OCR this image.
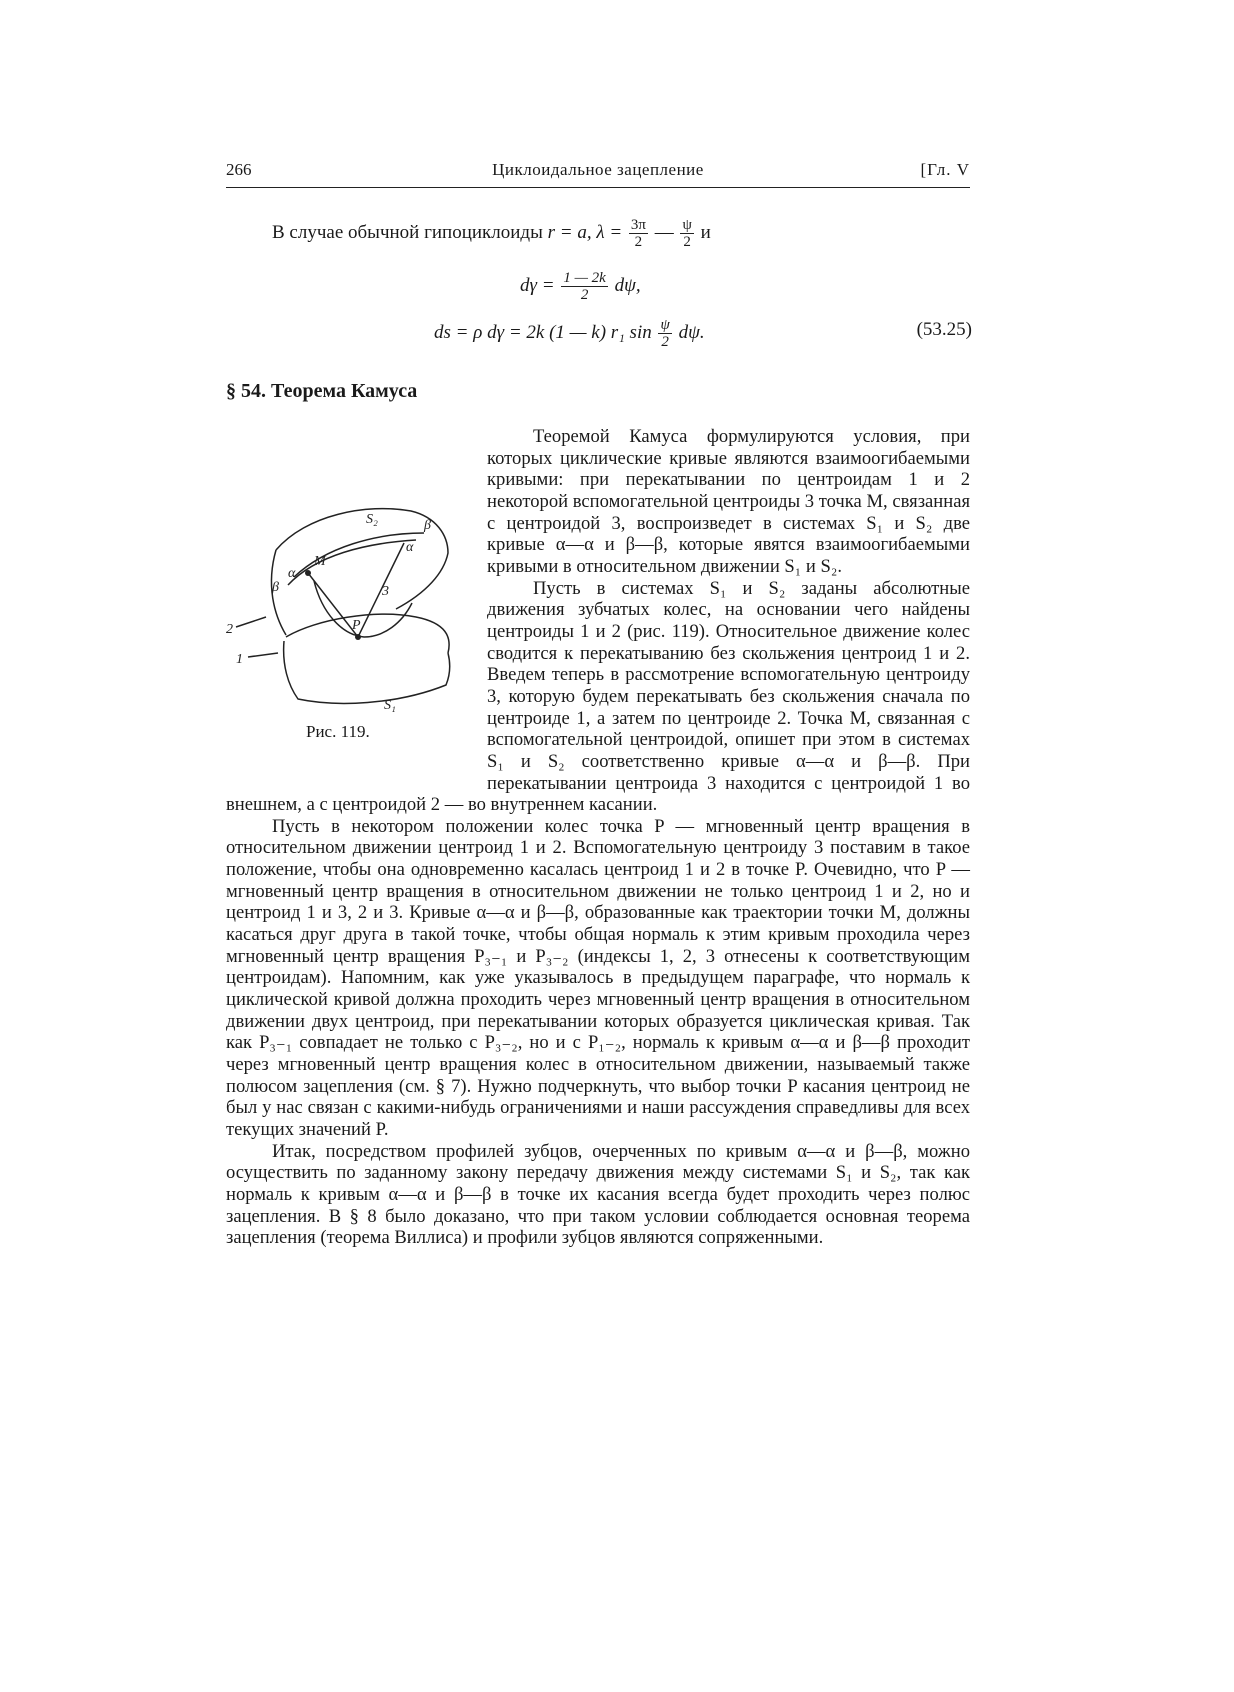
266	Циклоидальное зацепление	[Гл. V
В случае обычной гипоциклоиды r = a, $\lambda = \frac{3\pi}{2}$ — $\frac{\psi}{2}$ и
$d\gamma = \frac{1 — 2k}{2} d\psi$,
ds = ρ dγ = 2k (1 — k) r₁ $\sin \frac{\psi}{2} d\psi$.	(53.25)
§ 54. Теорема Камуса

Теоремой Камуса формулируются условия, при которых циклические кривые являются взаимоогибаемыми кривыми: при перекатывании по центроидам 1 и 2 некоторой вспомогательной центроиды 3 точка M, связанная с центроидой 3, воспроизведет в системах S₁ и S₂ две кривые α—α и β—β, которые явятся взаимоогибаемыми кривыми в относительном движении S₁ и S₂.

Пусть в системах S₁ и S₂ заданы абсолютные движения зубчатых колес, на основании чего найдены центроиды 1 и 2 (рис. 119). Относительное движение колес сводится к перекатыванию без скольжения центроид 1 и 2. Введем теперь в рассмотрение вспомогательную центроиду 3, которую будем перекатывать без скольжения сначала по центроиде 1, а затем по центроиде 2. Точка M, связанная с вспомогательной центроидой, опишет при этом в системах S₁ и S₂ соответственно кривые α—α и β—β. При перекатывании центроида 3 находится с центроидой 1 во внешнем, а с центроидой 2 — во внутреннем касании.

Пусть в некотором положении колес точка P — мгновенный центр вращения в относительном движении центроид 1 и 2. Вспомогательную центроиду 3 поставим в такое положение, чтобы она одновременно касалась центроид 1 и 2 в точке P. Очевидно, что P — мгновенный центр вращения в относительном движении не только центроид 1 и 2, но и центроид 1 и 3, 2 и 3. Кривые α—α и β—β, образованные как траектории точки M, должны касаться друг друга в такой точке, чтобы общая нормаль к этим кривым проходила через мгновенный центр вращения P₃₋₁ и P₃₋₂ (индексы 1, 2, 3 отнесены к соответствующим центроидам). Напомним, как уже указывалось в предыдущем параграфе, что нормаль к циклической кривой должна проходить через мгновенный центр вращения в относительном движении двух центроид, при перекатывании которых образуется циклическая кривая. Так как P₃₋₁ совпадает не только с P₃₋₂, но и с P₁₋₂, нормаль к кривым α—α и β—β проходит через мгновенный центр вращения колес в относительном движении, называемый также полюсом зацепления (см. § 7). Нужно подчеркнуть, что выбор точки P касания центроид не был у нас связан с какими-нибудь ограничениями и наши рассуждения справедливы для всех текущих значений P.

Итак, посредством профилей зубцов, очерченных по кривым α—α и β—β, можно осуществить по заданному закону передачу движения между системами S₁ и S₂, так как нормаль к кривым α—α и β—β в точке их касания всегда будет проходить через полюс зацепления. В § 8 было доказано, что при таком условии соблюдается основная теорема зацепления (теорема Виллиса) и профили зубцов являются сопряженными.

S₂
S₁
β
α
M
α
β	3
P
2
1
Рис. 119.
